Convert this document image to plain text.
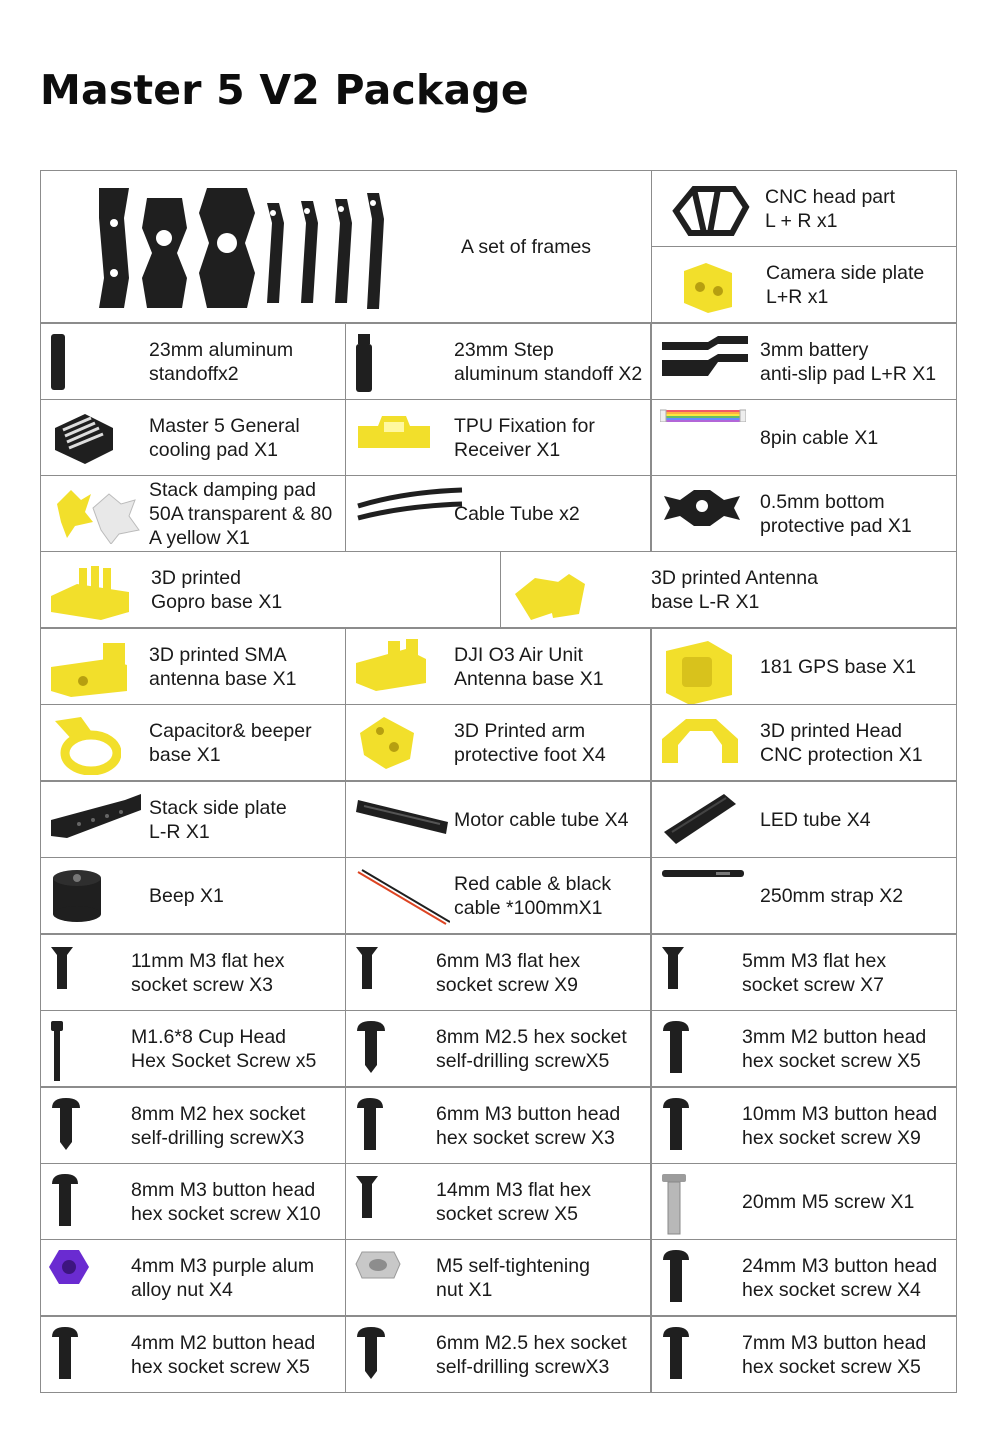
Master 5 V2 Package
A set of frames
CNC head part
L + R x1
Camera side plate
L+R x1
23mm aluminum
standoffx2
23mm Step
aluminum standoff X2
3mm battery
anti-slip pad L+R X1
Master 5 General
cooling pad X1
TPU Fixation for
Receiver X1
8pin cable X1
Stack damping pad
50A transparent & 80 A yellow X1
Cable Tube x2
0.5mm bottom
protective pad X1
3D printed
Gopro base X1
3D printed Antenna
base L-R X1
3D printed SMA
antenna base X1
DJI O3 Air Unit
Antenna base X1
181 GPS base X1
Capacitor& beeper
base X1
3D Printed arm
protective foot X4
3D printed Head
CNC protection X1
Stack side plate
L-R X1
Motor cable tube X4	LED tube X4
Beep X1
Red cable & black
cable *100mmX1
250mm strap X2
11mm M3 flat hex
socket screw X3
6mm M3 flat hex
socket screw X9
5mm M3 flat hex
socket screw X7
M1.6*8 Cup Head
Hex Socket Screw x5
8mm M2.5 hex socket
self-drilling screwX5
3mm M2 button head
hex socket screw X5
8mm M2 hex socket
self-drilling screwX3
6mm M3 button head
hex socket screw X3
10mm M3 button head
hex socket screw X9
8mm M3 button head
hex socket screw X10
14mm M3 flat hex
socket screw X5
20mm M5 screw X1
4mm M3 purple alum
alloy nut X4
M5 self-tightening
nut X1
24mm M3 button head
hex socket screw X4
4mm M2 button head
hex socket screw X5
6mm M2.5 hex socket
self-drilling screwX3
7mm M3 button head
hex socket screw X5
